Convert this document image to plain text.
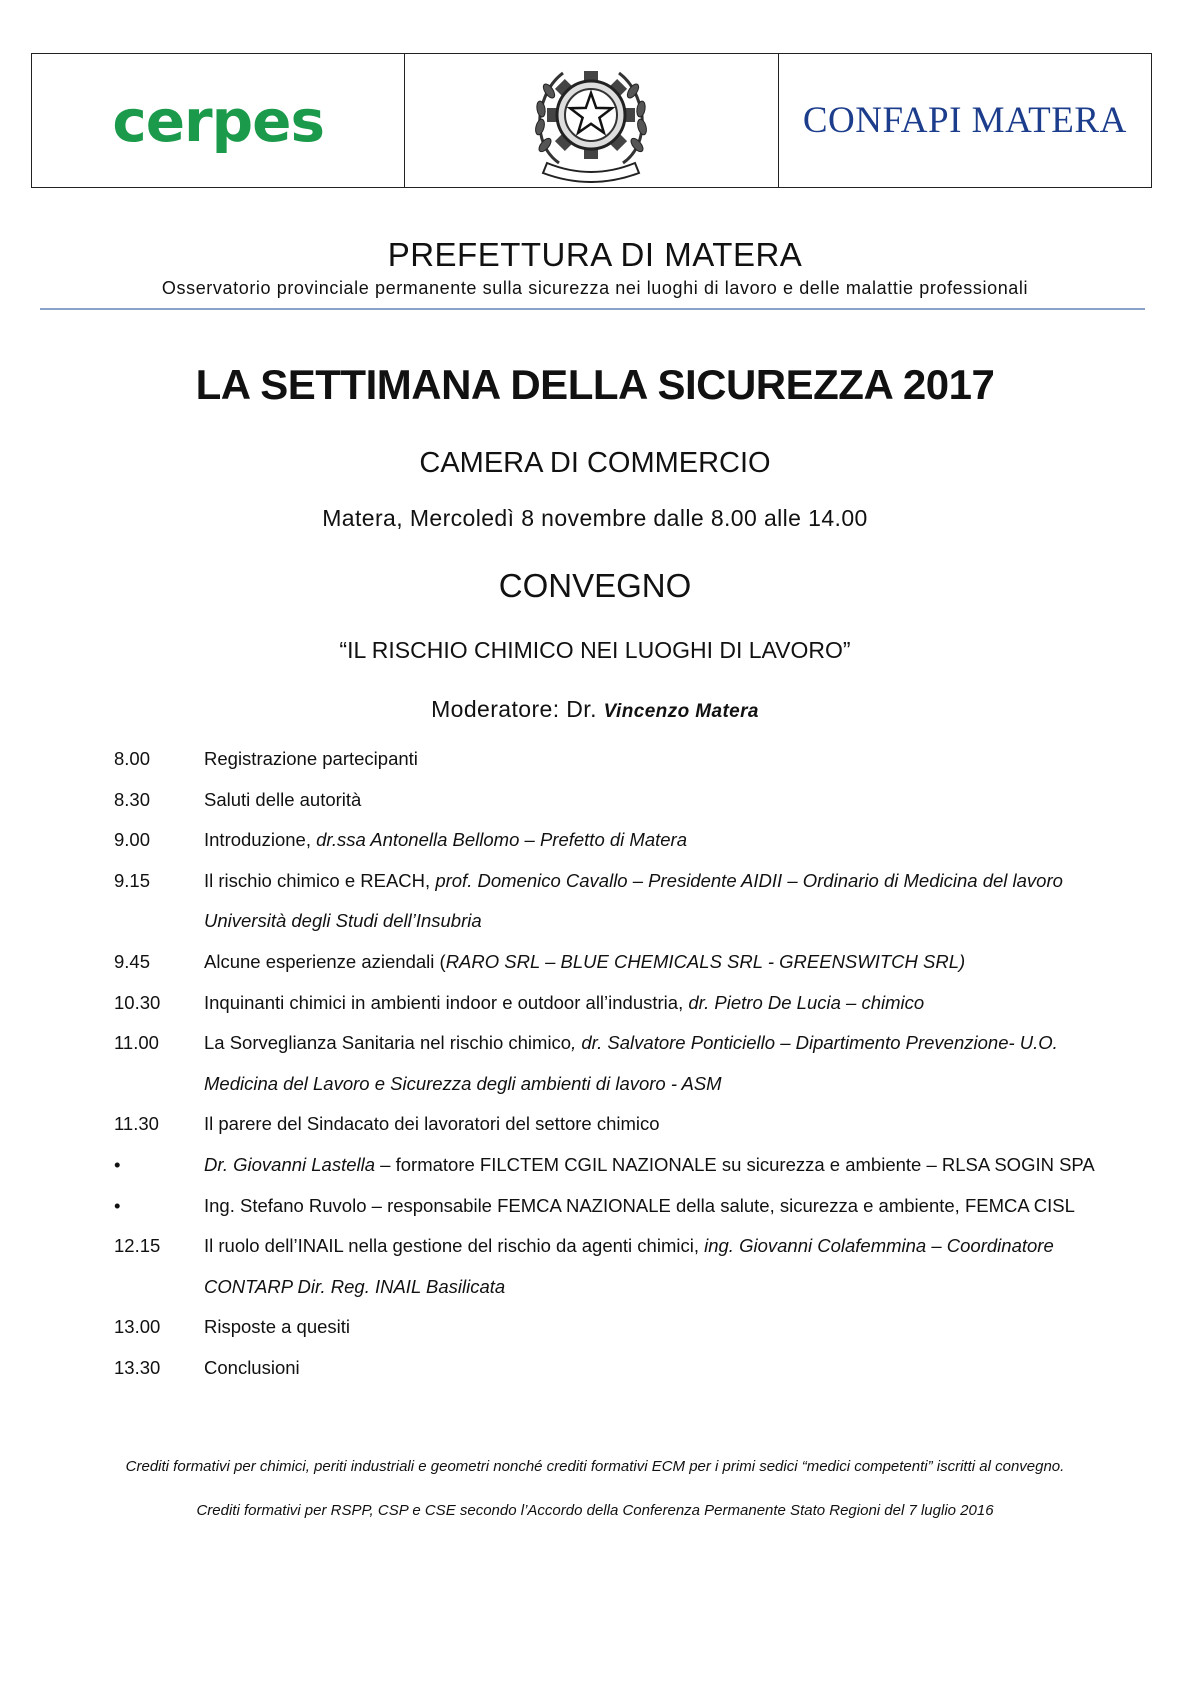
cerpes	CONFAPI MATERA
PREFETTURA DI MATERA
Osservatorio provinciale permanente sulla sicurezza nei luoghi di lavoro e delle malattie professionali
LA SETTIMANA DELLA SICUREZZA 2017
CAMERA DI COMMERCIO
Matera, Mercoledì 8 novembre dalle 8.00 alle 14.00
CONVEGNO
“IL RISCHIO CHIMICO NEI LUOGHI DI LAVORO”
Moderatore: Dr. Vincenzo Matera
8.00	Registrazione partecipanti
8.30	Saluti delle autorità
9.00	Introduzione, dr.ssa Antonella Bellomo – Prefetto di Matera
9.15	Il rischio chimico e REACH, prof. Domenico Cavallo – Presidente AIDII – Ordinario di Medicina del lavoro
Università degli Studi dell’Insubria
9.45	Alcune esperienze aziendali (RARO SRL – BLUE CHEMICALS SRL - GREENSWITCH SRL)
10.30 Inquinanti chimici in ambienti indoor e outdoor all’industria, dr. Pietro De Lucia – chimico
11.00 La Sorveglianza Sanitaria nel rischio chimico, dr. Salvatore Ponticiello – Dipartimento Prevenzione- U.O.
Medicina del Lavoro e Sicurezza degli ambienti di lavoro - ASM
11.30 Il parere del Sindacato dei lavoratori del settore chimico
•	Dr. Giovanni Lastella – formatore FILCTEM CGIL NAZIONALE su sicurezza e ambiente – RLSA SOGIN SPA
•	Ing. Stefano Ruvolo – responsabile FEMCA NAZIONALE della salute, sicurezza e ambiente, FEMCA CISL
12.15 Il ruolo dell’INAIL nella gestione del rischio da agenti chimici, ing. Giovanni Colafemmina – Coordinatore
CONTARP Dir. Reg. INAIL Basilicata
13.00 Risposte a quesiti
13.30 Conclusioni
Crediti formativi per chimici, periti industriali e geometri nonché crediti formativi ECM per i primi sedici “medici competenti” iscritti al convegno.
Crediti formativi per RSPP, CSP e CSE secondo l’Accordo della Conferenza Permanente Stato Regioni del 7 luglio 2016
